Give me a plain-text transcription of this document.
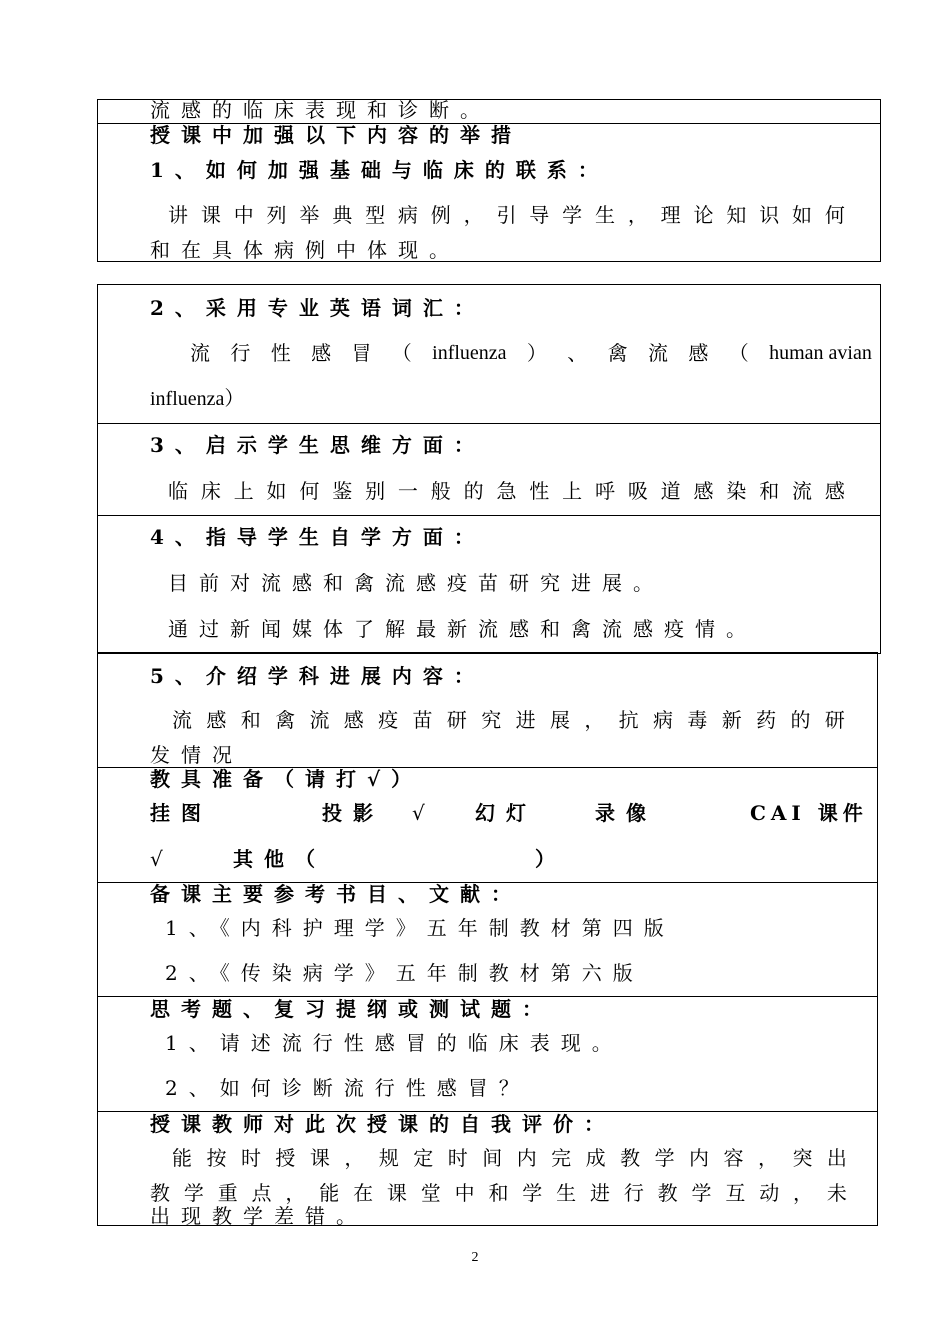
流感的临床表现和诊断。
授课中加强以下内容的举措
1、如何加强基础与临床的联系：
讲 课 中 列 举 典 型 病 例 ， 引 导 学 生 ， 理 论 知 识 如 何
和在具体病例中体现。
2、采用专业英语词汇：
流 行 性 感 冒 （ influenza ） 、 禽 流 感 （ human avian
influenza）
3、启示学生思维方面：
临 床 上 如 何 鉴 别 一 般 的 急 性 上 呼 吸 道 感 染 和 流 感
4、指导学生自学方面：
目前对流感和禽流感疫苗研究进展。
通过新闻媒体了解最新流感和禽流感疫情。
5、介绍学科进展内容：
流 感 和 禽 流 感 疫 苗 研 究 进 展 ， 抗 病 毒 新 药 的 研
发情况
教具准备（请打√）
挂图	投影 √	幻灯	录像	CAI 课件
√	其他（	）
备课主要参考书目、文献：
1、《内科护理学》五年制教材第四版
2、《传染病学》五年制教材第六版
思考题、复习提纲或测试题：
1、请述流行性感冒的临床表现。
2、如何诊断流行性感冒？
授课教师对此次授课的自我评价：
能 按 时 授 课 ， 规 定 时 间 内 完 成 教 学 内 容 ， 突 出
教 学 重 点 ， 能 在 课 堂 中 和 学 生 进 行 教 学 互 动 ， 未
出现教学差错。
2
